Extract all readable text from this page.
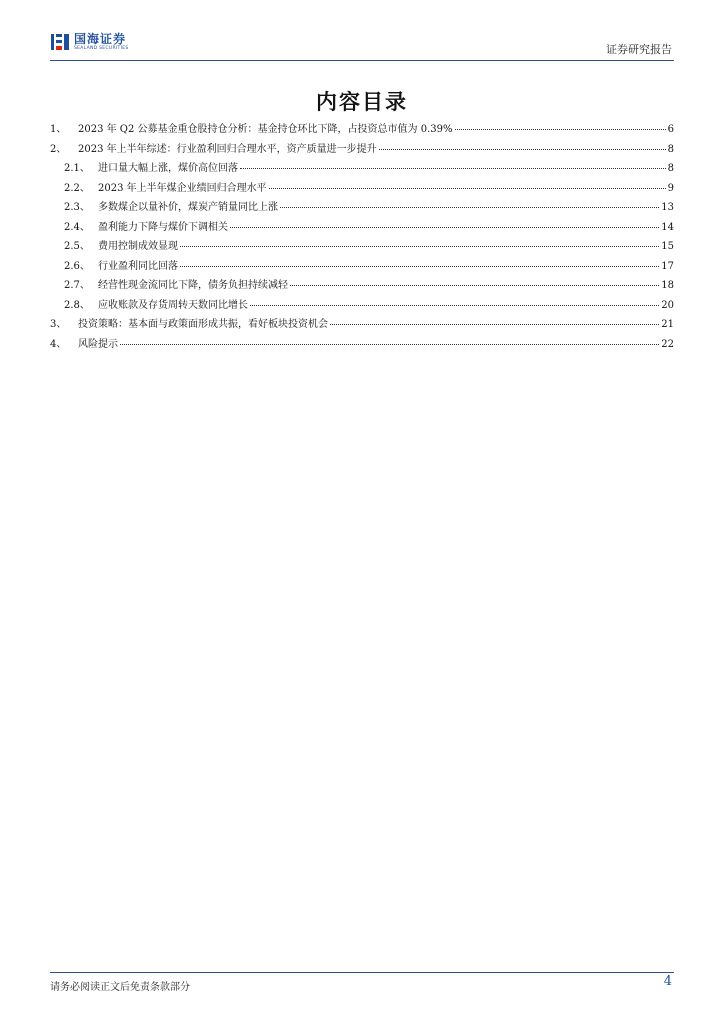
国海证券
SEALAND SECURITIES	证券研究报告
内容目录
1、	2023 年 Q2 公募基金重仓股持仓分析：基金持仓环比下降，占投资总市值为 0.39%	6
2、	2023 年上半年综述：行业盈利回归合理水平，资产质量进一步提升	8
2.1、 进口量大幅上涨，煤价高位回落	8
2.2、 2023 年上半年煤企业绩回归合理水平	9
2.3、 多数煤企以量补价，煤炭产销量同比上涨	13
2.4、 盈利能力下降与煤价下调相关	14
2.5、 费用控制成效显现	15
2.6、 行业盈利同比回落	17
2.7、 经营性现金流同比下降，债务负担持续减轻	18
2.8、 应收账款及存货周转天数同比增长	20
3、	投资策略：基本面与政策面形成共振，看好板块投资机会	21
4、	风险提示	22
请务必阅读正文后免责条款部分	4
